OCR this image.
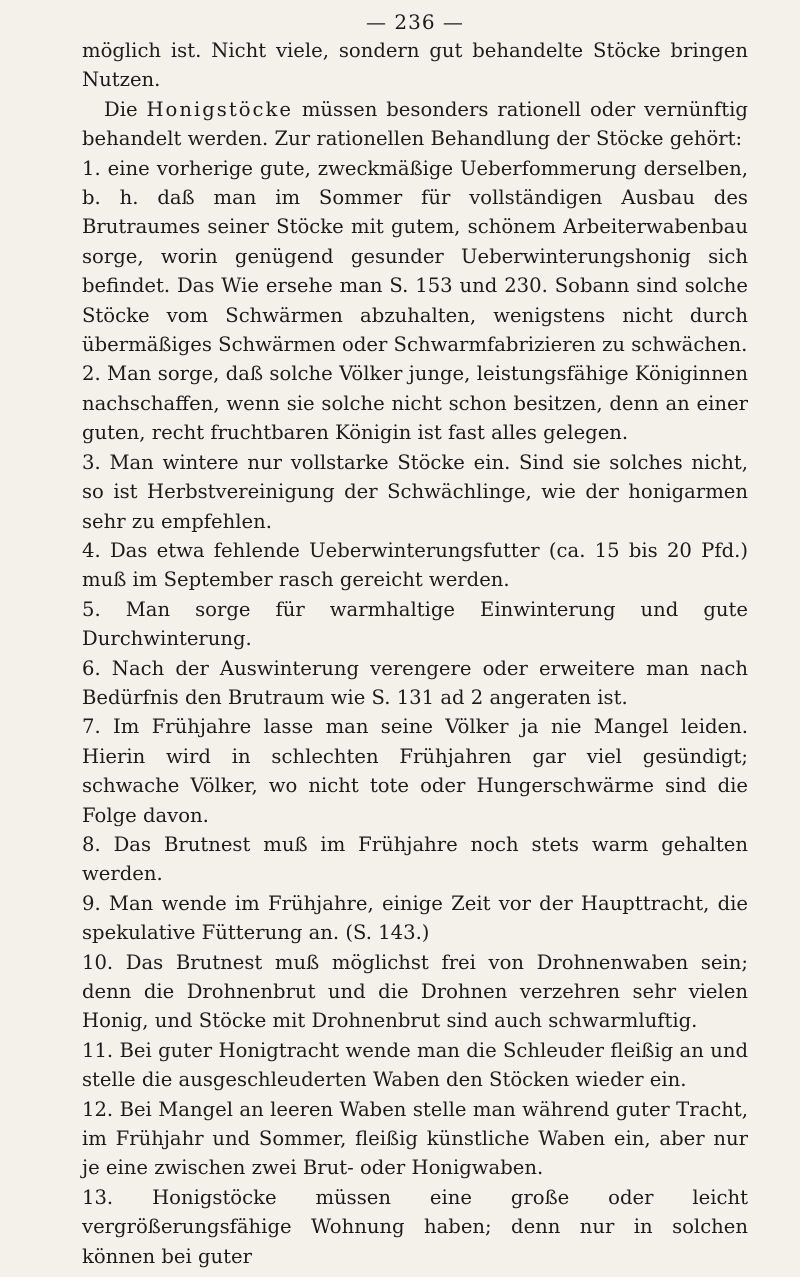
— 236 —

möglich ist. Nicht viele, sondern gut behandelte Stöcke bringen Nutzen.

Die Honigstöcke müssen besonders rationell oder vernünftig behandelt werden. Zur rationellen Behandlung der Stöcke gehört:

1. eine vorherige gute, zweckmäßige Ueberfommerung derselben, b. h. daß man im Sommer für vollständigen Ausbau des Brutraumes seiner Stöcke mit gutem, schönem Arbeiterwabenbau sorge, worin genügend gesunder Ueberwinterungshonig sich befindet. Das Wie ersehe man S. 153 und 230. Sobann sind solche Stöcke vom Schwärmen abzuhalten, wenigstens nicht durch übermäßiges Schwärmen oder Schwarmfabrizieren zu schwächen.

2. Man sorge, daß solche Völker junge, leistungsfähige Königinnen nachschaffen, wenn sie solche nicht schon besitzen, denn an einer guten, recht fruchtbaren Königin ist fast alles gelegen.

3. Man wintere nur vollstarke Stöcke ein. Sind sie solches nicht, so ist Herbstvereinigung der Schwächlinge, wie der honigarmen sehr zu empfehlen.

4. Das etwa fehlende Ueberwinterungsfutter (ca. 15 bis 20 Pfd.) muß im September rasch gereicht werden.

5. Man sorge für warmhaltige Einwinterung und gute Durchwinterung.

6. Nach der Auswinterung verengere oder erweitere man nach Bedürfnis den Brutraum wie S. 131 ad 2 angeraten ist.

7. Im Frühjahre lasse man seine Völker ja nie Mangel leiden. Hierin wird in schlechten Frühjahren gar viel gesündigt; schwache Völker, wo nicht tote oder Hungerschwärme sind die Folge davon.

8. Das Brutnest muß im Frühjahre noch stets warm gehalten werden.

9. Man wende im Frühjahre, einige Zeit vor der Haupttracht, die spekulative Fütterung an. (S. 143.)

10. Das Brutnest muß möglichst frei von Drohnenwaben sein; denn die Drohnenbrut und die Drohnen verzehren sehr vielen Honig, und Stöcke mit Drohnenbrut sind auch schwarmluftig.

11. Bei guter Honigtracht wende man die Schleuder fleißig an und stelle die ausgeschleuderten Waben den Stöcken wieder ein.

12. Bei Mangel an leeren Waben stelle man während guter Tracht, im Frühjahr und Sommer, fleißig künstliche Waben ein, aber nur je eine zwischen zwei Brut- oder Honigwaben.

13. Honigstöcke müssen eine große oder leicht vergrößerungsfähige Wohnung haben; denn nur in solchen können bei guter
